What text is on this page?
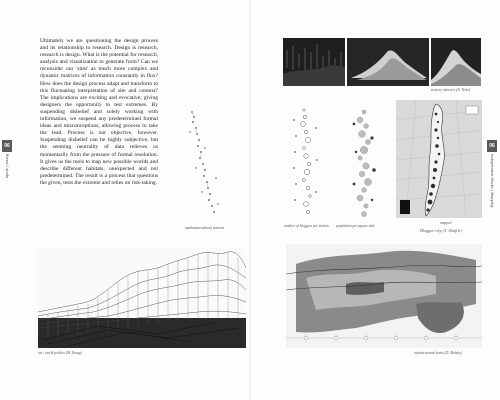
06
kpmb | chung
06
Independent Studio | Mapping
Ultimately we are questioning the design process and its relationship to research. Design is research, research is design. What is the potential for research, analysis and visualization to generate form? Can we reconsider our 'sites' as much more complex and dynamic matrices of information constantly in flux? How does the design process adapt and transform to this fluctuating interpretation of site and context? The implications are exciting and evocative; giving designers the opportunity to test extremes. By suspending disbelief and solely working with information, we suspend any predetermined formal ideas and misconceptions, allowing process to take the lead. Process is not objective, however. Suspending disbelief can be highly subjective, but the seeming neutrality of data relieves us momentarily from the pressure of formal resolution. It gives us the tools to map new possible worlds and describe different habitats, unexpected and not predetermined. The result is a process that questions the given, tests the extreme and relies on risk-taking.
manhattan subway stations
art | world politics (M. Young)
sensory intersect (A. Viola)
number of bloggers per station population per square mile
mapped
Blogger city (T. Shafrir)
infrastructural traits (D. Malsby)
